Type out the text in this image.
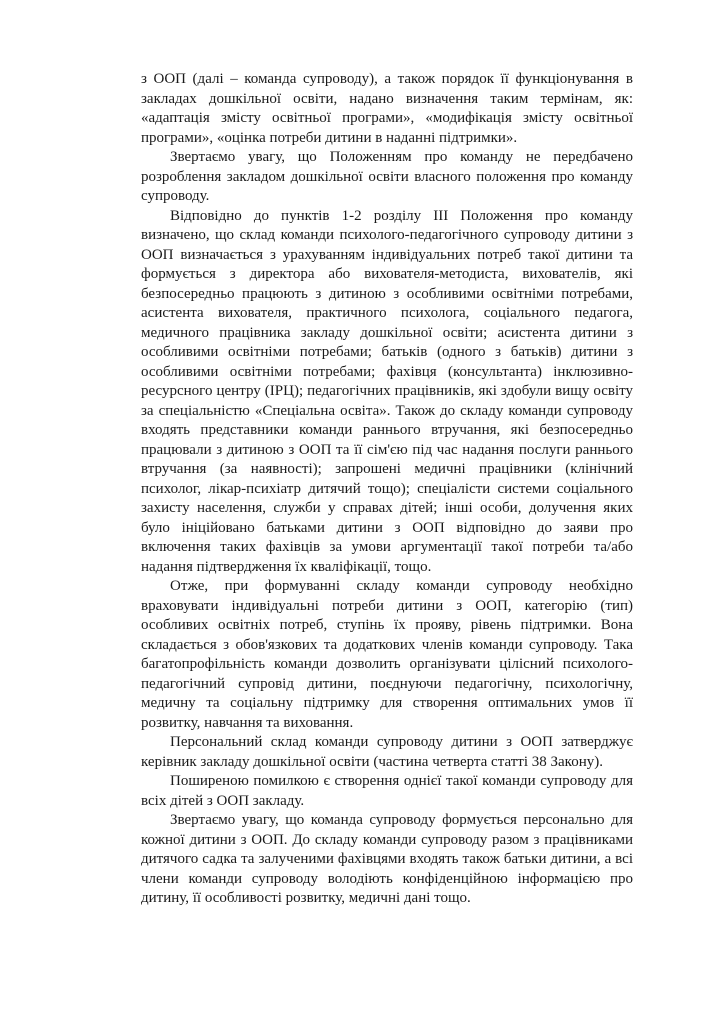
з ООП (далі – команда супроводу), а також порядок її функціонування в закладах дошкільної освіти, надано визначення таким термінам, як: «адаптація змісту освітньої програми», «модифікація змісту освітньої програми», «оцінка потреби дитини в наданні підтримки».

Звертаємо увагу, що Положенням про команду не передбачено розроблення закладом дошкільної освіти власного положення про команду супроводу.

Відповідно до пунктів 1-2 розділу ІІІ Положення про команду визначено, що склад команди психолого-педагогічного супроводу дитини з ООП визначається з урахуванням індивідуальних потреб такої дитини та формується з директора або вихователя-методиста, вихователів, які безпосередньо працюють з дитиною з особливими освітніми потребами, асистента вихователя, практичного психолога, соціального педагога, медичного працівника закладу дошкільної освіти; асистента дитини з особливими освітніми потребами; батьків (одного з батьків) дитини з особливими освітніми потребами; фахівця (консультанта) інклюзивно-ресурсного центру (ІРЦ); педагогічних працівників, які здобули вищу освіту за спеціальністю «Спеціальна освіта». Також до складу команди супроводу входять представники команди раннього втручання, які безпосередньо працювали з дитиною з ООП та її сім'єю під час надання послуги раннього втручання (за наявності); запрошені медичні працівники (клінічний психолог, лікар-психіатр дитячий тощо); спеціалісти системи соціального захисту населення, служби у справах дітей; інші особи, долучення яких було ініційовано батьками дитини з ООП відповідно до заяви про включення таких фахівців за умови аргументації такої потреби та/або надання підтвердження їх кваліфікації, тощо.

Отже, при формуванні складу команди супроводу необхідно враховувати індивідуальні потреби дитини з ООП, категорію (тип) особливих освітніх потреб, ступінь їх прояву, рівень підтримки. Вона складається з обов'язкових та додаткових членів команди супроводу. Така багатопрофільність команди дозволить організувати цілісний психолого-педагогічний супровід дитини, поєднуючи педагогічну, психологічну, медичну та соціальну підтримку для створення оптимальних умов її розвитку, навчання та виховання.

Персональний склад команди супроводу дитини з ООП затверджує керівник закладу дошкільної освіти (частина четверта статті 38 Закону).

Поширеною помилкою є створення однієї такої команди супроводу для всіх дітей з ООП закладу.

Звертаємо увагу, що команда супроводу формується персонально для кожної дитини з ООП. До складу команди супроводу разом з працівниками дитячого садка та залученими фахівцями входять також батьки дитини, а всі члени команди супроводу володіють конфіденційною інформацією про дитину, її особливості розвитку, медичні дані тощо.
